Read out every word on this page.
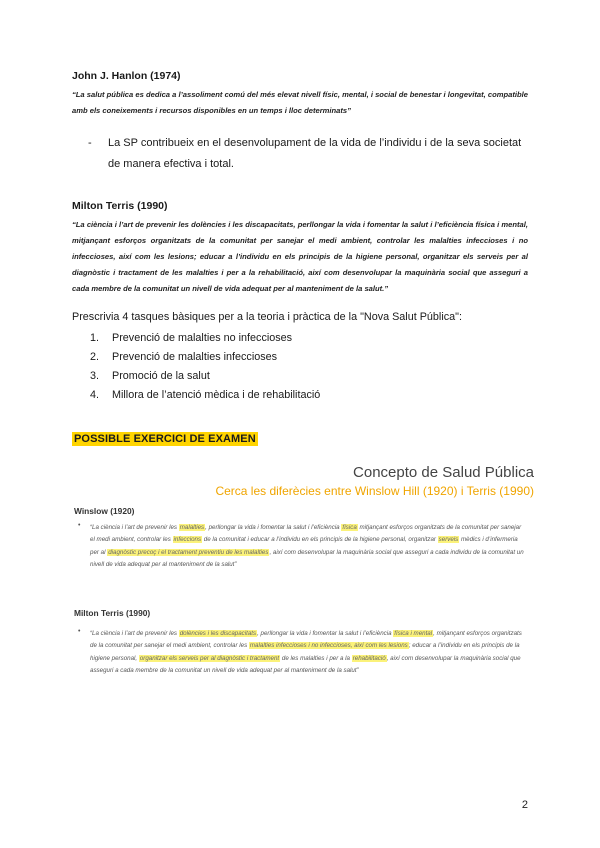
John J. Hanlon (1974)

“La salut pública es dedica a l’assoliment comú del més elevat nivell físic, mental, i social de benestar i longevitat, compatible amb els coneixements i recursos disponibles en un temps i lloc determinats”

-	La SP contribueix en el desenvolupament de la vida de l’individu i de la seva societat de manera efectiva i total.

Milton Terris (1990)

“La ciència i l’art de prevenir les dolències i les discapacitats, perllongar la vida i fomentar la salut i l’eficiència física i mental, mitjançant esforços organitzats de la comunitat per sanejar el medi ambient, controlar les malalties infeccioses i no infeccioses, així com les lesions; educar a l’individu en els principis de la higiene personal, organitzar els serveis per al diagnòstic i tractament de les malalties i per a la rehabilitació, així com desenvolupar la maquinària social que asseguri a cada membre de la comunitat un nivell de vida adequat per al manteniment de la salut.”

Prescrivia 4 tasques bàsiques per a la teoria i pràctica de la "Nova Salut Pública":

1.	Prevenció de malalties no infeccioses
2.	Prevenció de malalties infeccioses
3.	Promoció de la salut
4.	Millora de l’atenció mèdica i de rehabilitació
POSSIBLE EXERCICI DE EXAMEN
Concepto de Salud Pública
Cerca les diferècies entre Winslow Hill (1920) i Terris (1990)
Winslow (1920)
• “La ciència i l’art de prevenir les malalties, perllongar la vida i fomentar la salut i l’eficiència física mitjançant esforços organitzats de la comunitat per sanejar el medi ambient, controlar les infeccions de la comunitat i educar a l’individu en els principis de la higiene personal, organitzar serveis mèdics i d’infermeria per al diagnòstic precoç i el tractament preventiu de les malalties, així com desenvolupar la maquinària social que asseguri a cada individu de la comunitat un nivell de vida adequat per al manteniment de la salut”
Milton Terris (1990)
• “La ciència i l’art de prevenir les dolències i les discapacitats, perllongar la vida i fomentar la salut i l’eficiència física i mental, mitjançant esforços organitzats de la comunitat per sanejar el medi ambient, controlar les malalties infeccioses i no infeccioses, així com les lesions; educar a l’individu en els principis de la higiene personal, organitzar els serveis per al diagnòstic i tractament de les malalties i per a la rehabilitació, així com desenvolupar la maquinària social que asseguri a cada membre de la comunitat un nivell de vida adequat per al manteniment de la salut”
2
